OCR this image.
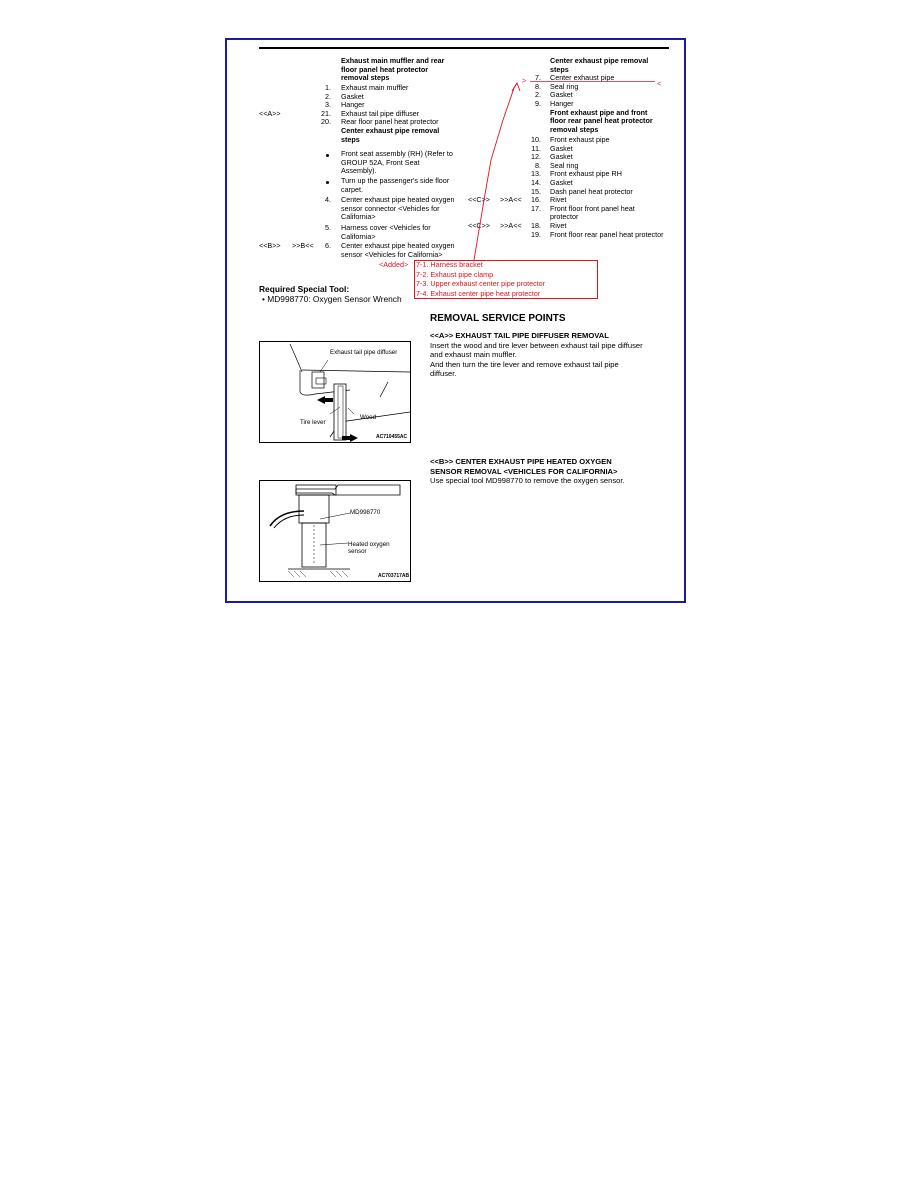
Exhaust main muffler and rear
floor panel heat protector
removal steps
1. Exhaust main muffler
2. Gasket
3. Hanger
<<A>>	21. Exhaust tail pipe diffuser
20. Rear floor panel heat protector
Center exhaust pipe removal
steps
Front seat assembly (RH) (Refer to
GROUP 52A, Front Seat
Assembly).
Turn up the passenger's side floor
carpet.
4. Center exhaust pipe heated oxygen
sensor connector <Vehicles for
California>
5. Harness cover <Vehicles for
California>
<<B>> >>B<<	6. Center exhaust pipe heated oxygen
sensor <Vehicles for California>
Center exhaust pipe removal
steps
7. Center exhaust pipe
8. Seal ring
2. Gasket
9. Hanger
Front exhaust pipe and front
floor rear panel heat protector
removal steps
10. Front exhaust pipe
11. Gasket
12. Gasket
8. Seal ring
13. Front exhaust pipe RH
14. Gasket
15. Dash panel heat protector
<<C>> >>A<<	16. Rivet
17. Front floor front panel heat
protector
<<C>> >>A<<	18. Rivet
19. Front floor rear panel heat protector
>	<
<Added> 7-1. Harness bracket
7-2. Exhaust pipe clamp
7-3. Upper exhaust center pipe protector
7-4. Exhaust center pipe heat protector
Required Special Tool:
• MD998770: Oxygen Sensor Wrench
REMOVAL SERVICE POINTS
<<A>> EXHAUST TAIL PIPE DIFFUSER REMOVAL
Insert the wood and tire lever between exhaust tail pipe diffuser
and exhaust main muffler.
And then turn the tire lever and remove exhaust tail pipe
diffuser.
<<B>> CENTER EXHAUST PIPE HEATED OXYGEN
SENSOR REMOVAL <VEHICLES FOR CALIFORNIA>
Use special tool MD998770 to remove the oxygen sensor.
Exhaust tail pipe diffuser
Tire lever
Wood
AC710455AC
MD998770
Heated oxygen
sensor
AC703717AB
